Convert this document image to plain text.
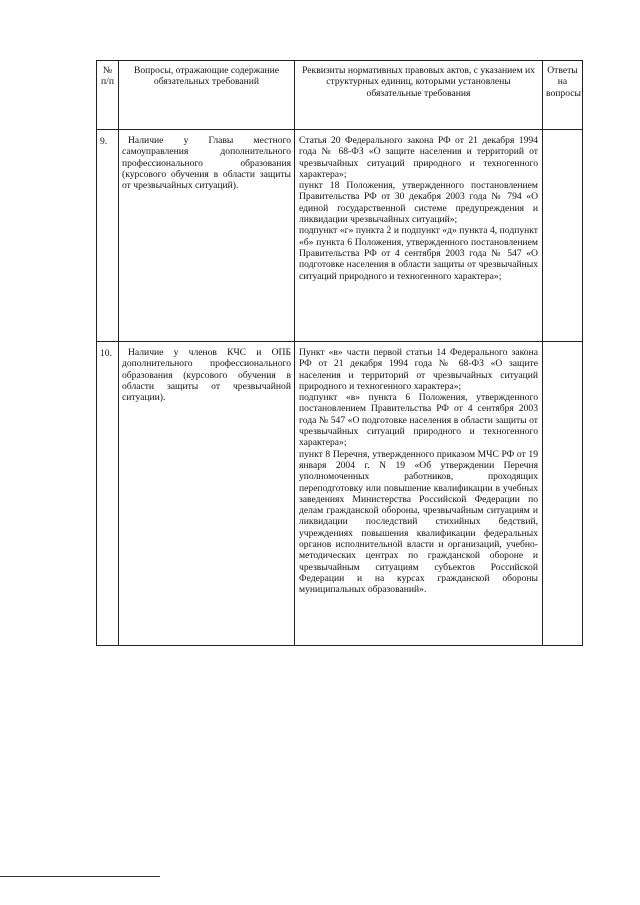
№ п/п	Вопросы, отражающие содержание обязательных требований	Реквизиты нормативных правовых актов, с указанием их структурных единиц, которыми установлены обязательные требования	Ответы на вопросы$^1$
9.	Наличие у Главы местного самоуправления дополнительного профессионального образования (курсового обучения в области защиты от чрезвычайных ситуаций).	Статья 20 Федерального закона РФ от 21 декабря 1994 года № 68-ФЗ «О защите населения и территорий от чрезвычайных ситуаций природного и техногенного характера»;

пункт 18 Положения, утвержденного постановлением Правительства РФ от 30 декабря 2003 года № 794 «О единой государственной системе предупреждения и ликвидации чрезвычайных ситуаций»;

подпункт «г» пункта 2 и подпункт «д» пункта 4, подпункт «б» пункта 6 Положения, утвержденного постановлением Правительства РФ от 4 сентября 2003 года № 547 «О подготовке населения в области защиты от чрезвычайных ситуаций природного и техногенного характера»;	

10.	Наличие у членов КЧС и ОПБ дополнительного профессионального образования (курсового обучения в области защиты от чрезвычайной ситуации).	Пункт «в» части первой статьи 14 Федерального закона РФ от 21 декабря 1994 года № 68-ФЗ «О защите населения и территорий от чрезвычайных ситуаций природного и техногенного характера»;

подпункт «в» пункта 6 Положения, утвержденного постановлением Правительства РФ от 4 сентября 2003 года № 547 «О подготовке населения в области защиты от чрезвычайных ситуаций природного и техногенного характера»;

пункт 8 Перечня, утвержденного приказом МЧС РФ от 19 января 2004 г. N 19 «Об утверждении Перечня уполномоченных работников, проходящих переподготовку или повышение квалификации в учебных заведениях Министерства Российской Федерации по делам гражданской обороны, чрезвычайным ситуациям и ликвидации последствий стихийных бедствий, учреждениях повышения квалификации федеральных органов исполнительной власти и организаций, учебно-методических центрах по гражданской обороне и чрезвычайным ситуациям субъектов Российской Федерации и на курсах гражданской обороны муниципальных образований».	
